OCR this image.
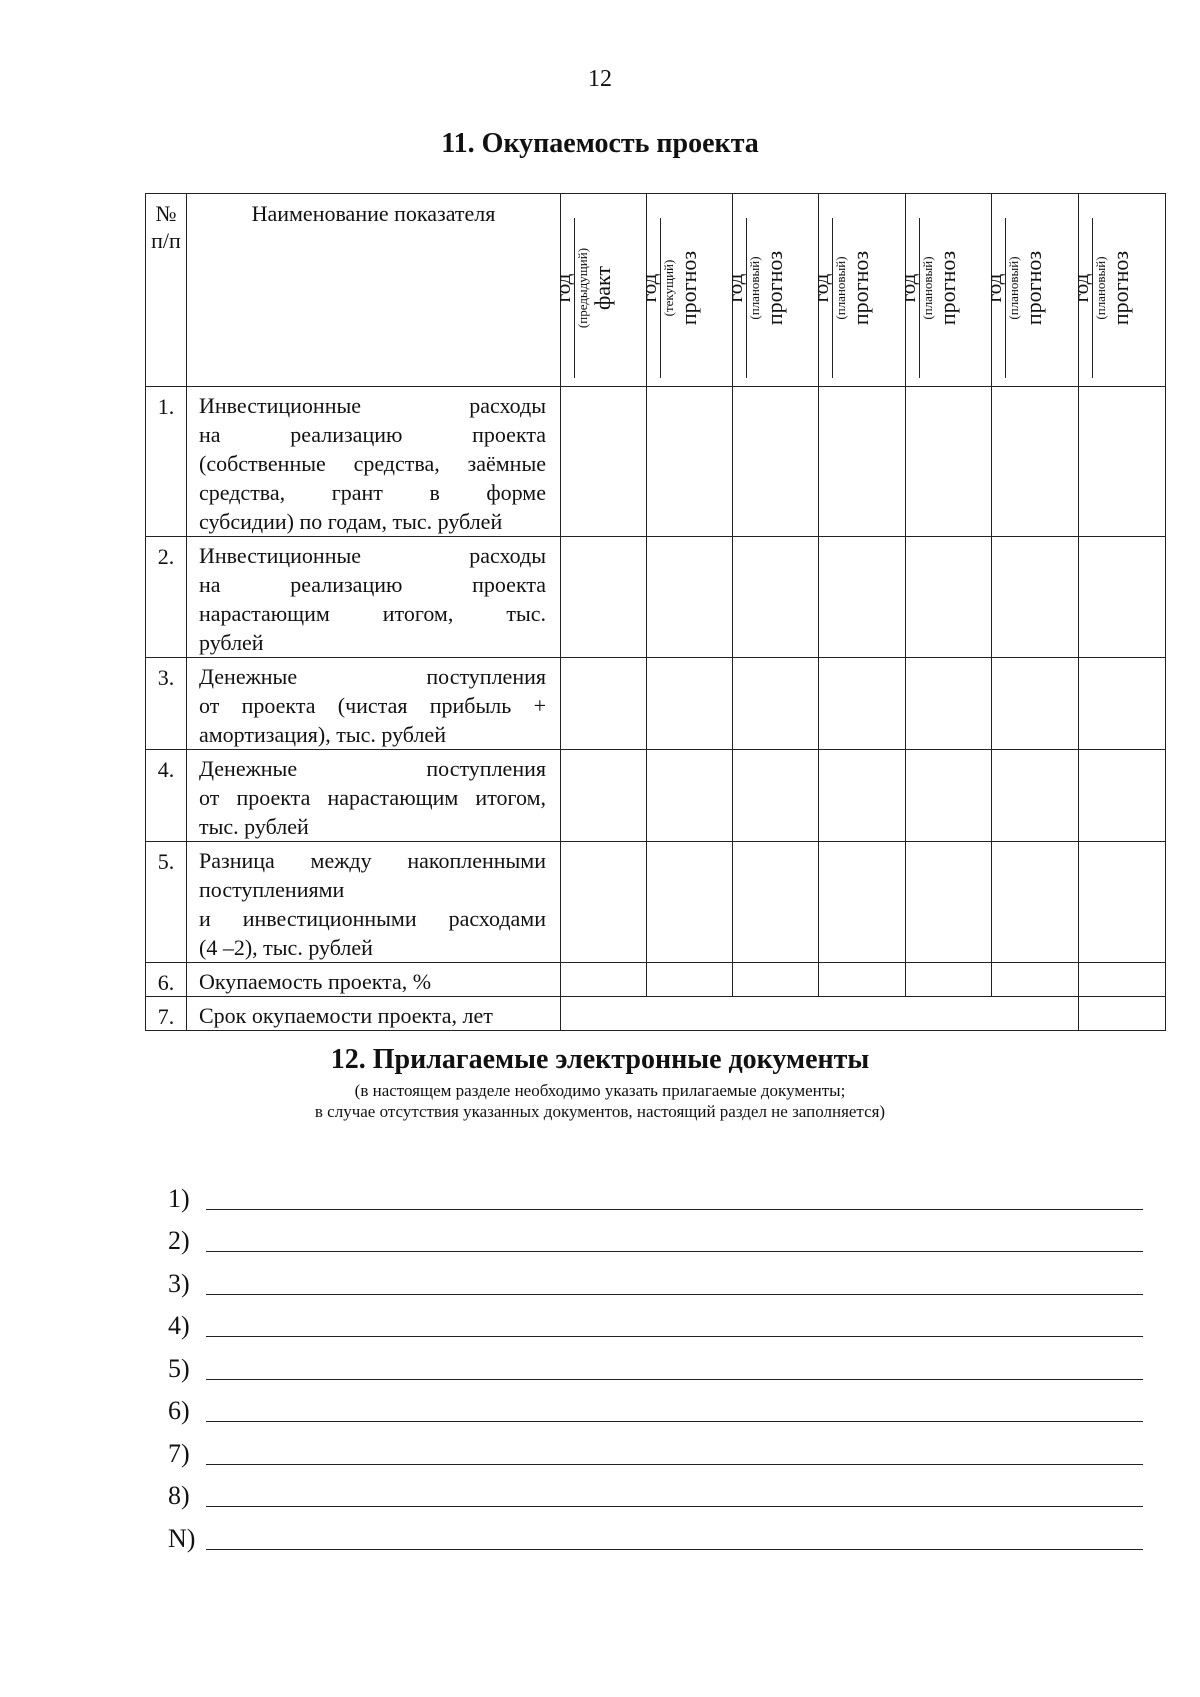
12
11. Окупаемость проекта
№ п/п	Наименование показателя	год (предыдущий) факт	год (текущий) прогноз	год (плановый) прогноз	год (плановый) прогноз	год (плановый) прогноз	год (плановый) прогноз	год (плановый) прогноз

1.	Инвестиционные расходы
на реализацию проекта
(собственные средства, заёмные
средства, грант в форме
субсидии) по годам, тыс. рублей							

2.	Инвестиционные расходы
на реализацию проекта
нарастающим итогом, тыс.
рублей							

3.	Денежные поступления
от проекта (чистая прибыль +
амортизация), тыс. рублей							

4.	Денежные поступления
от проекта нарастающим итогом,
тыс. рублей							

5.	Разница между накопленными
поступлениями
и инвестиционными расходами
(4 –2), тыс. рублей							

6.	Окупаемость проекта, %							

7.	Срок окупаемости проекта, лет							

12. Прилагаемые электронные документы
(в настоящем разделе необходимо указать прилагаемые документы;
в случае отсутствия указанных документов, настоящий раздел не заполняется)
1)
2)
3)
4)
5)
6)
7)
8)
N)
